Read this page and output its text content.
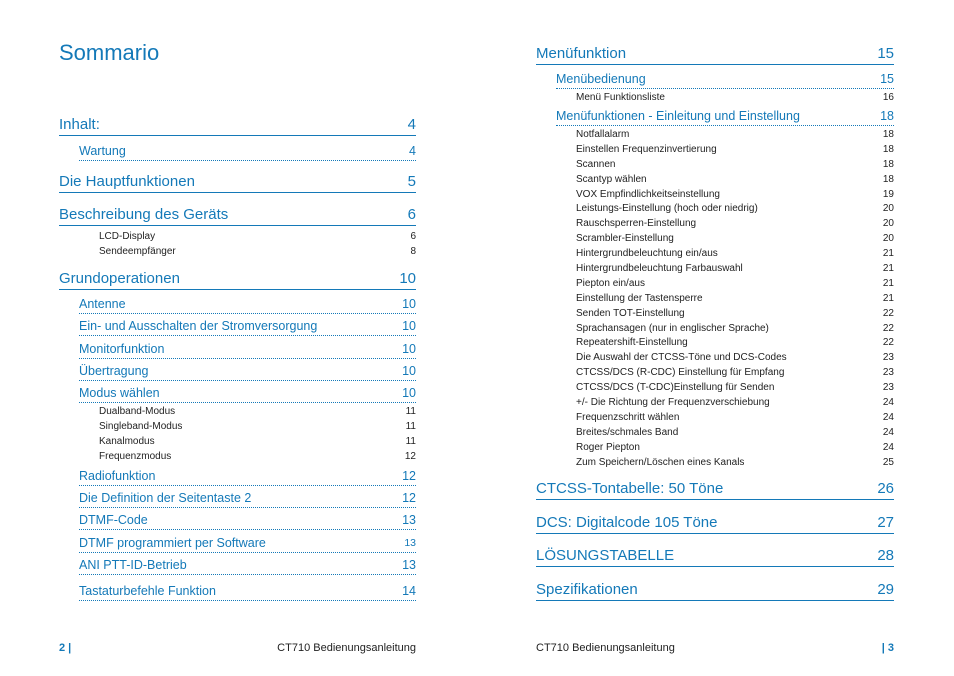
Sommario
Inhalt:	4
Wartung	4
Die Hauptfunktionen	5
Beschreibung des Geräts	6
LCD-Display	6
Sendeempfänger	8
Grundoperationen	10
Antenne	10
Ein- und Ausschalten der Stromversorgung	10
Monitorfunktion	10
Übertragung	10
Modus wählen	10
Dualband-Modus	11
Singleband-Modus	11
Kanalmodus	11
Frequenzmodus	12
Radiofunktion	12
Die Definition der Seitentaste 2	12
DTMF-Code	13
DTMF programmiert per Software	13
ANI PTT-ID-Betrieb	13
Tastaturbefehle Funktion	14
2 |	CT710 Bedienungsanleitung
Menüfunktion	15
Menübedienung	15
Menü Funktionsliste	16
Menüfunktionen - Einleitung und Einstellung	18
Notfallalarm	18
Einstellen Frequenzinvertierung	18
Scannen	18
Scantyp wählen	18
VOX Empfindlichkeitseinstellung	19
Leistungs-Einstellung (hoch oder niedrig)	20
Rauschsperren-Einstellung	20
Scrambler-Einstellung	20
Hintergrundbeleuchtung ein/aus	21
Hintergrundbeleuchtung Farbauswahl	21
Piepton ein/aus	21
Einstellung der Tastensperre	21
Senden TOT-Einstellung	22
Sprachansagen (nur in englischer Sprache)	22
Repeatershift-Einstellung	22
Die Auswahl der CTCSS-Töne und DCS-Codes	23
CTCSS/DCS (R-CDC) Einstellung für Empfang	23
CTCSS/DCS (T-CDC)Einstellung für Senden	23
+/- Die Richtung der Frequenzverschiebung	24
Frequenzschritt wählen	24
Breites/schmales Band	24
Roger Piepton	24
Zum Speichern/Löschen eines Kanals	25
CTCSS-Tontabelle: 50 Töne	26
DCS: Digitalcode 105 Töne	27
LÖSUNGSTABELLE	28
Spezifikationen	29
CT710 Bedienungsanleitung	| 3
